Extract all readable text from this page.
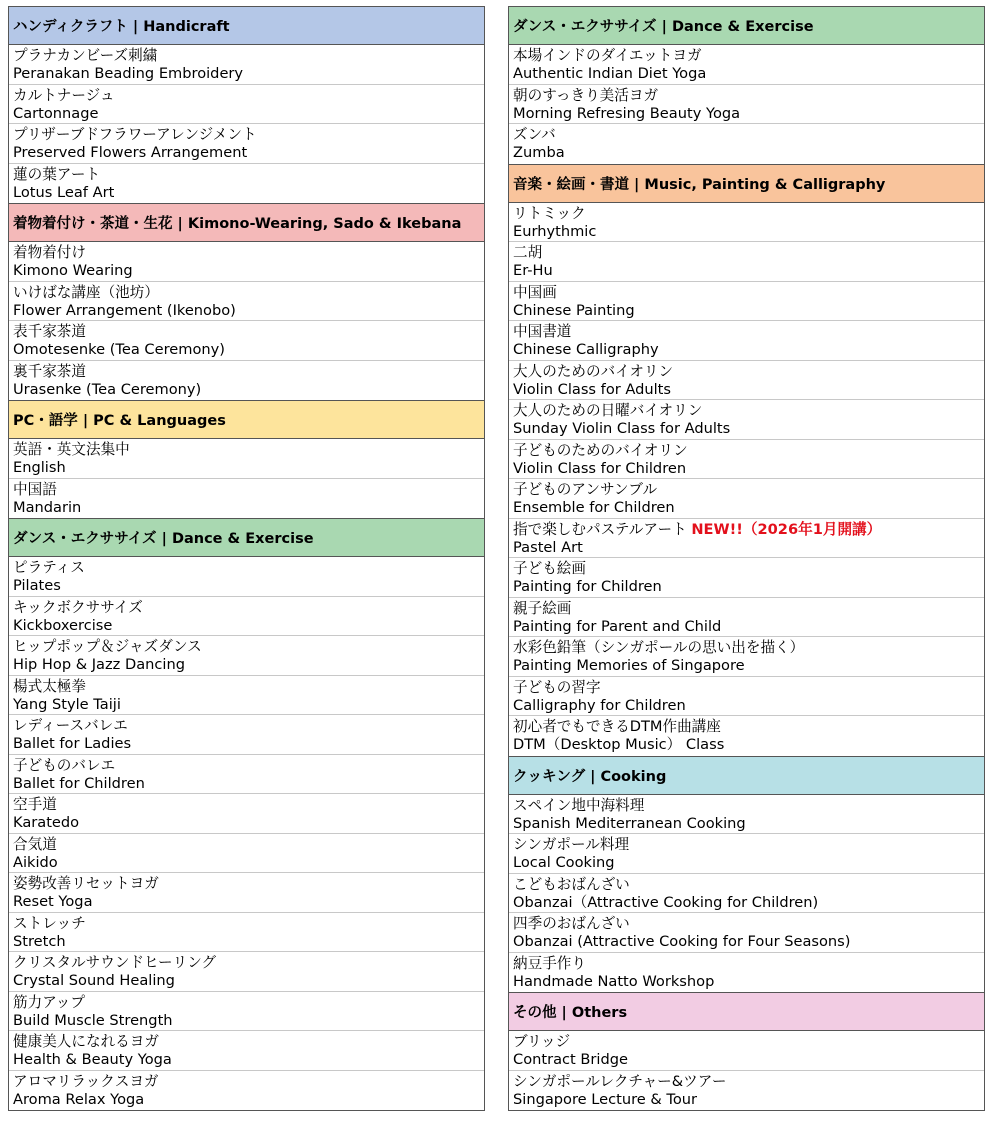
ハンディクラフト | Handicraft
プラナカンビーズ刺繍
Peranakan Beading Embroidery
カルトナージュ
Cartonnage
プリザーブドフラワーアレンジメント
Preserved Flowers Arrangement
蓮の葉アート
Lotus Leaf Art
着物着付け・茶道・生花 | Kimono-Wearing, Sado & Ikebana
着物着付け
Kimono Wearing
いけばな講座（池坊）
Flower Arrangement (Ikenobo)
表千家茶道
Omotesenke (Tea Ceremony)
裏千家茶道
Urasenke (Tea Ceremony)
PC・語学 | PC & Languages
英語・英文法集中
English
中国語
Mandarin
ダンス・エクササイズ | Dance & Exercise
ピラティス
Pilates
キックボクササイズ
Kickboxercise
ヒップポップ＆ジャズダンス
Hip Hop & Jazz Dancing
楊式太極拳
Yang Style Taiji
レディースバレエ
Ballet for Ladies
子どものバレエ
Ballet for Children
空手道
Karatedo
合気道
Aikido
姿勢改善リセットヨガ
Reset Yoga
ストレッチ
Stretch
クリスタルサウンドヒーリング
Crystal Sound Healing
筋力アップ
Build Muscle Strength
健康美人になれるヨガ
Health & Beauty Yoga
アロマリラックスヨガ
Aroma Relax Yoga
ダンス・エクササイズ | Dance & Exercise
本場インドのダイエットヨガ
Authentic Indian Diet Yoga
朝のすっきり美活ヨガ
Morning Refresing Beauty Yoga
ズンバ
Zumba
音楽・絵画・書道 | Music, Painting & Calligraphy
リトミック
Eurhythmic
二胡
Er-Hu
中国画
Chinese Painting
中国書道
Chinese Calligraphy
大人のためのバイオリン
Violin Class for Adults
大人のための日曜バイオリン
Sunday Violin Class for Adults
子どものためのバイオリン
Violin Class for Children
子どものアンサンブル
Ensemble for Children
指で楽しむパステルアート NEW!!（2026年1月開講）
Pastel Art
子ども絵画
Painting for Children
親子絵画
Painting for Parent and Child
水彩色鉛筆（シンガポールの思い出を描く）
Painting Memories of Singapore
子どもの習字
Calligraphy for Children
初心者でもできるDTM作曲講座
DTM（Desktop Music） Class
クッキング | Cooking
スペイン地中海料理
Spanish Mediterranean Cooking
シンガポール料理
Local Cooking
こどもおばんざい
Obanzai（Attractive Cooking for Children)
四季のおばんざい
Obanzai (Attractive Cooking for Four Seasons)
納豆手作り
Handmade Natto Workshop
その他 | Others
ブリッジ
Contract Bridge
シンガポールレクチャー&ツアー
Singapore Lecture & Tour
